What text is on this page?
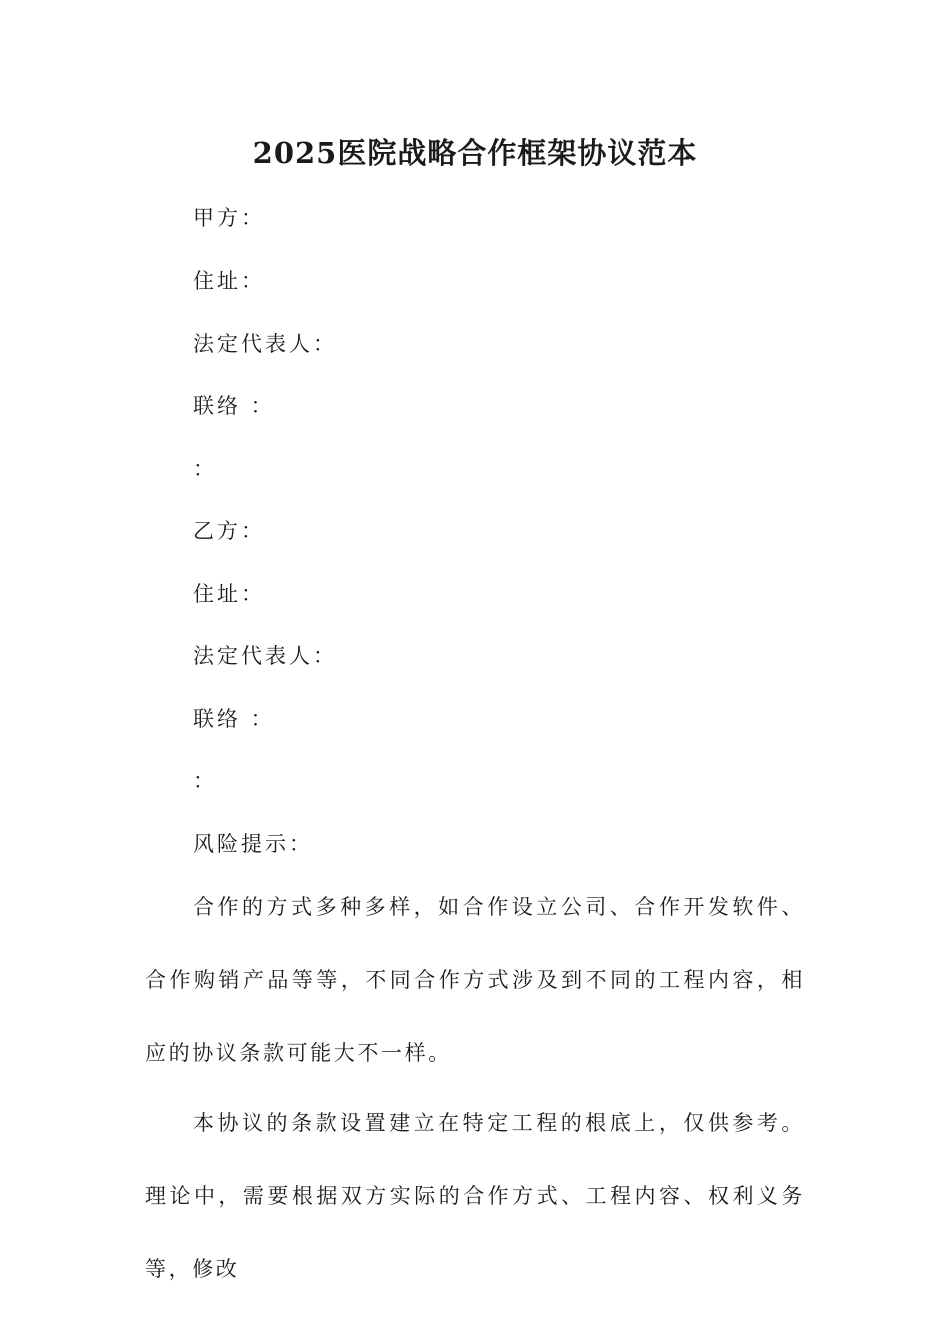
2025医院战略合作框架协议范本
甲方：
住址：
法定代表人：
联络 ：
：
乙方：
住址：
法定代表人：
联络 ：
：
风险提示：

合作的方式多种多样，如合作设立公司、合作开发软件、合作购销产品等等，不同合作方式涉及到不同的工程内容，相应的协议条款可能大不一样。

本协议的条款设置建立在特定工程的根底上，仅供参考。理论中，需要根据双方实际的合作方式、工程内容、权利义务等，修改
